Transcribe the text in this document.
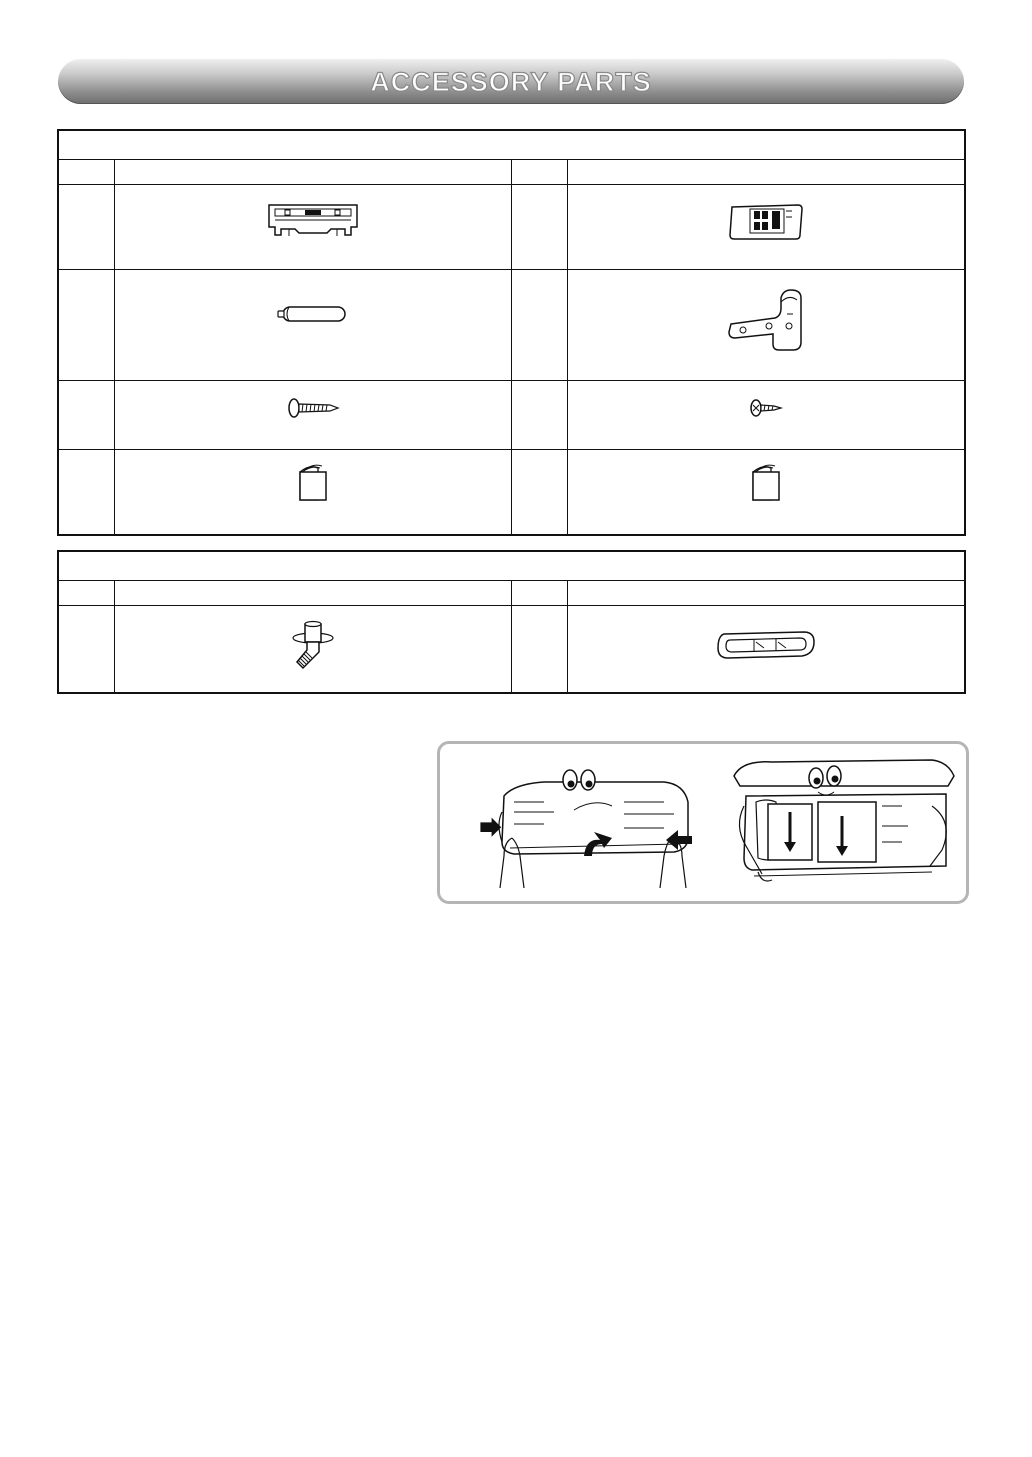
ACCESSORY PARTS
